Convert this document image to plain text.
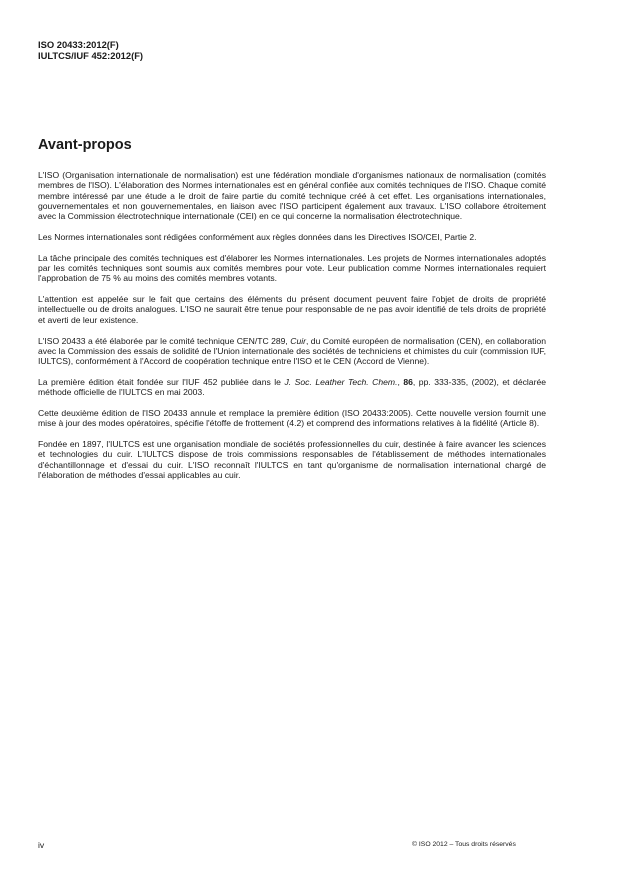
ISO 20433:2012(F)
IULTCS/IUF 452:2012(F)
Avant-propos

L'ISO (Organisation internationale de normalisation) est une fédération mondiale d'organismes nationaux de normalisation (comités membres de l'ISO). L'élaboration des Normes internationales est en général confiée aux comités techniques de l'ISO. Chaque comité membre intéressé par une étude a le droit de faire partie du comité technique créé à cet effet. Les organisations internationales, gouvernementales et non gouvernementales, en liaison avec l'ISO participent également aux travaux. L'ISO collabore étroitement avec la Commission électrotechnique internationale (CEI) en ce qui concerne la normalisation électrotechnique.

Les Normes internationales sont rédigées conformément aux règles données dans les Directives ISO/CEI, Partie 2.

La tâche principale des comités techniques est d'élaborer les Normes internationales. Les projets de Normes internationales adoptés par les comités techniques sont soumis aux comités membres pour vote. Leur publication comme Normes internationales requiert l'approbation de 75 % au moins des comités membres votants.

L'attention est appelée sur le fait que certains des éléments du présent document peuvent faire l'objet de droits de propriété intellectuelle ou de droits analogues. L'ISO ne saurait être tenue pour responsable de ne pas avoir identifié de tels droits de propriété et averti de leur existence.

L'ISO 20433 a été élaborée par le comité technique CEN/TC 289, Cuir, du Comité européen de normalisation (CEN), en collaboration avec la Commission des essais de solidité de l'Union internationale des sociétés de techniciens et chimistes du cuir (commission IUF, IULTCS), conformément à l'Accord de coopération technique entre l'ISO et le CEN (Accord de Vienne).

La première édition était fondée sur l'IUF 452 publiée dans le J. Soc. Leather Tech. Chem., 86, pp. 333-335, (2002), et déclarée méthode officielle de l'IULTCS en mai 2003.

Cette deuxième édition de l'ISO 20433 annule et remplace la première édition (ISO 20433:2005). Cette nouvelle version fournit une mise à jour des modes opératoires, spécifie l'étoffe de frottement (4.2) et comprend des informations relatives à la fidélité (Article 8).

Fondée en 1897, l'IULTCS est une organisation mondiale de sociétés professionnelles du cuir, destinée à faire avancer les sciences et technologies du cuir. L'IULTCS dispose de trois commissions responsables de l'établissement de méthodes internationales d'échantillonnage et d'essai du cuir. L'ISO reconnaît l'IULTCS en tant qu'organisme de normalisation international chargé de l'élaboration de méthodes d'essai applicables au cuir.

iv	© ISO 2012 – Tous droits réservés
